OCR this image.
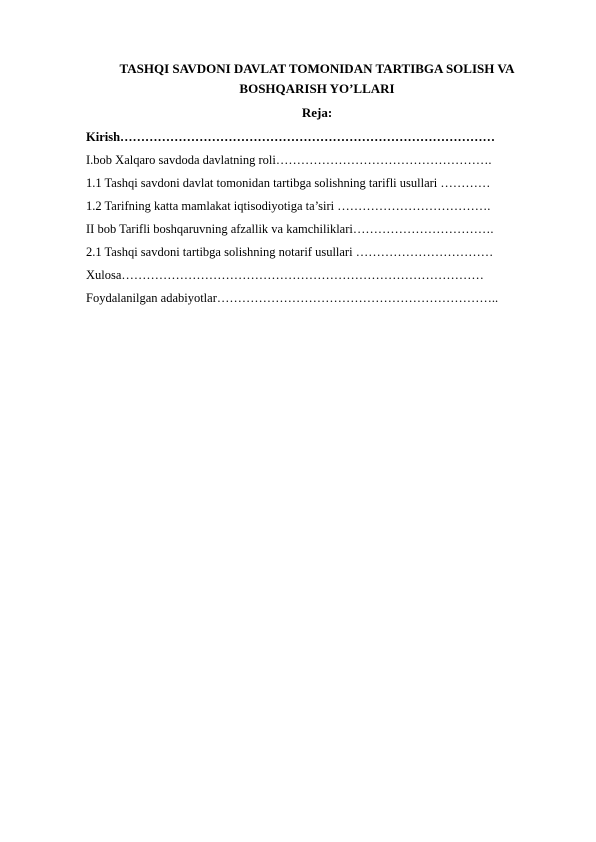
TASHQI SAVDONI DAVLAT TOMONIDAN TARTIBGA SOLISH VA
BOSHQARISH YO’LLARI
Reja:
Kirish………………………………………………………………………………
I.bob Xalqaro savdoda davlatning roli…………………………………………….
1.1 Tashqi savdoni davlat tomonidan tartibga solishning tarifli usullari …………
1.2 Tarifning katta mamlakat iqtisodiyotiga ta’siri ……………………………….
II bob Tarifli boshqaruvning afzallik va kamchiliklari…………………………….
2.1 Tashqi savdoni tartibga solishning notarif usullari ……………………………
Xulosa……………………………………………………………………………
Foydalanilgan adabiyotlar…………………………………………………………..
